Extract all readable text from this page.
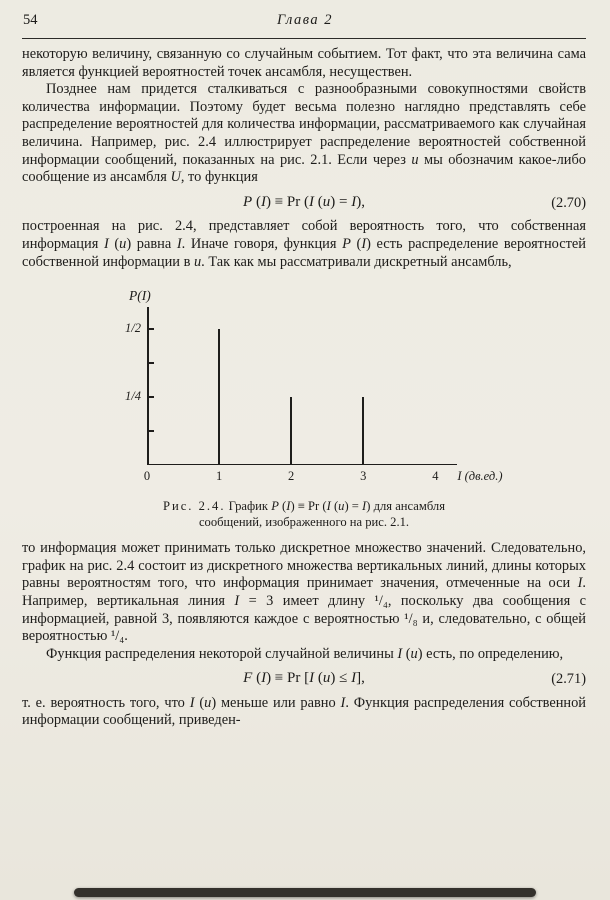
54	Глава 2

некоторую величину, связанную со случайным событием. Тот факт, что эта величина сама является функцией вероятностей точек ансамбля, несуществен.

Позднее нам придется сталкиваться с разнообразными совокупностями свойств количества информации. Поэтому будет весьма полезно наглядно представлять себе распределение вероятностей для количества информации, рассматриваемого как случайная величина. Например, рис. 2.4 иллюстрирует распределение вероятностей собственной информации сообщений, показанных на рис. 2.1. Если через u мы обозначим какое-либо сообщение из ансамбля U, то функция

P (I) ≡ Pr (I (u) = I),	(2.70)

построенная на рис. 2.4, представляет собой вероятность того, что собственная информация I (u) равна I. Иначе говоря, функция P (I) есть распределение вероятностей собственной информации в u. Так как мы рассматривали дискретный ансамбль,

P(I)
1/4
1/2
0	1	2	3	4	I (дв.ед.)
Рис. 2.4. График P (I) ≡ Pr (I (u) = I) для ансамбля
сообщений, изображенного на рис. 2.1.

то информация может принимать только дискретное множество значений. Следовательно, график на рис. 2.4 состоит из дискретного множества вертикальных линий, длины которых равны вероятностям того, что информация принимает значения, отмеченные на оси I. Например, вертикальная линия I = 3 имеет длину ¹/₄, поскольку два сообщения с информацией, равной 3, появляются каждое с вероятностью ¹/₈ и, следовательно, с общей вероятностью ¹/₄.

Функция распределения некоторой случайной величины I (u) есть, по определению,

F (I) ≡ Pr [I (u) ≤ I],	(2.71)

т. е. вероятность того, что I (u) меньше или равно I. Функция распределения собственной информации сообщений, приведен-
